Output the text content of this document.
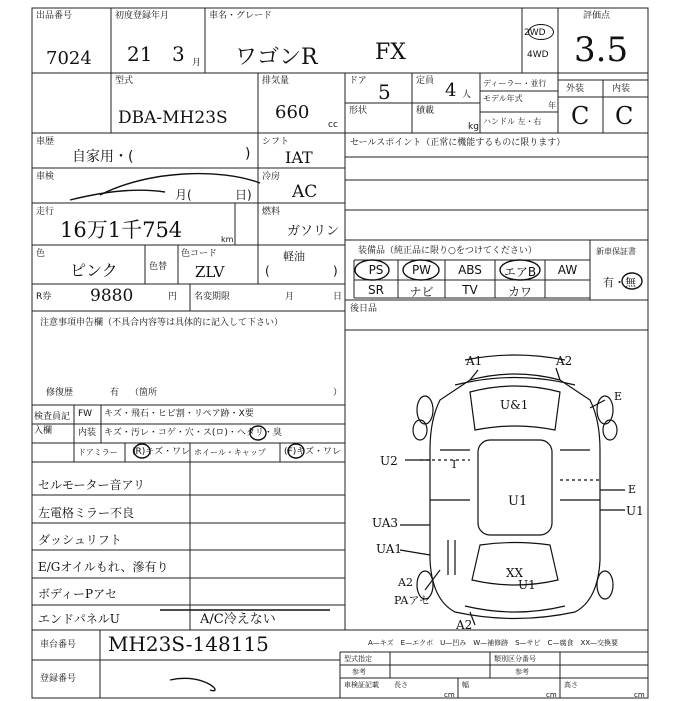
出品番号
7024
初度登録年月
21 3 月
車名・グレード
ワゴンR	FX
2WD
4WD
評価点
3.5
型式
DBA-MH23S
排気量
660
cc
ドア 5	定員 4 人
形状	積載
kg
ディーラー・並行
モデル年式
年
ハンドル 左・右
外装	内装
C C
車歴
自家用・(	)
シフト
IAT
セールスポイント（正常に機能するものに限ります）
車検
月(	日)
冷房
AC
走行
16万1千754	km
燃料
ガソリン
色
ピンク	色替
色コード
ZLV
軽油
(	)
R券 9880	円 名変期限	月	日
装備品（純正品に限り○をつけてください）
PS	PW	ABS	エアB	AW
SR	ナビ	TV	カワ
新車保証書
有・無
後日品
注意事項申告欄（不具合内容等は具体的に記入して下さい）
修復歴	有 （箇所	）
検査員記入欄
FW キズ・飛石・ヒビ割・リペア跡・X要
内装 キズ・汚レ・コゲ・穴・ス(ロ)・ヘタリ・臭
ドアミラー (R)キズ・ワレ ホイール・キャップ (F)キズ・ワレ
セルモーター音アリ
左電格ミラー不良
ダッシュリフト
E/Gオイルもれ、滲有り
ボディーPアセ
エンドパネルU	A/C冷えない
A1	A2
U&1
E
U2	I
U1
E
U1
UA3
UA1
XX
U1
A2
PAアセ
A2
A—キズ　E—エクボ　U—凹み　W—補修跡　S—サビ　C—腐食　XX—交換要
車台番号 MH23S-148115
登録番号
型式指定	類別区分番号
参考	参考
車検証記載 長さ	幅	高さ
cm	cm	cm
